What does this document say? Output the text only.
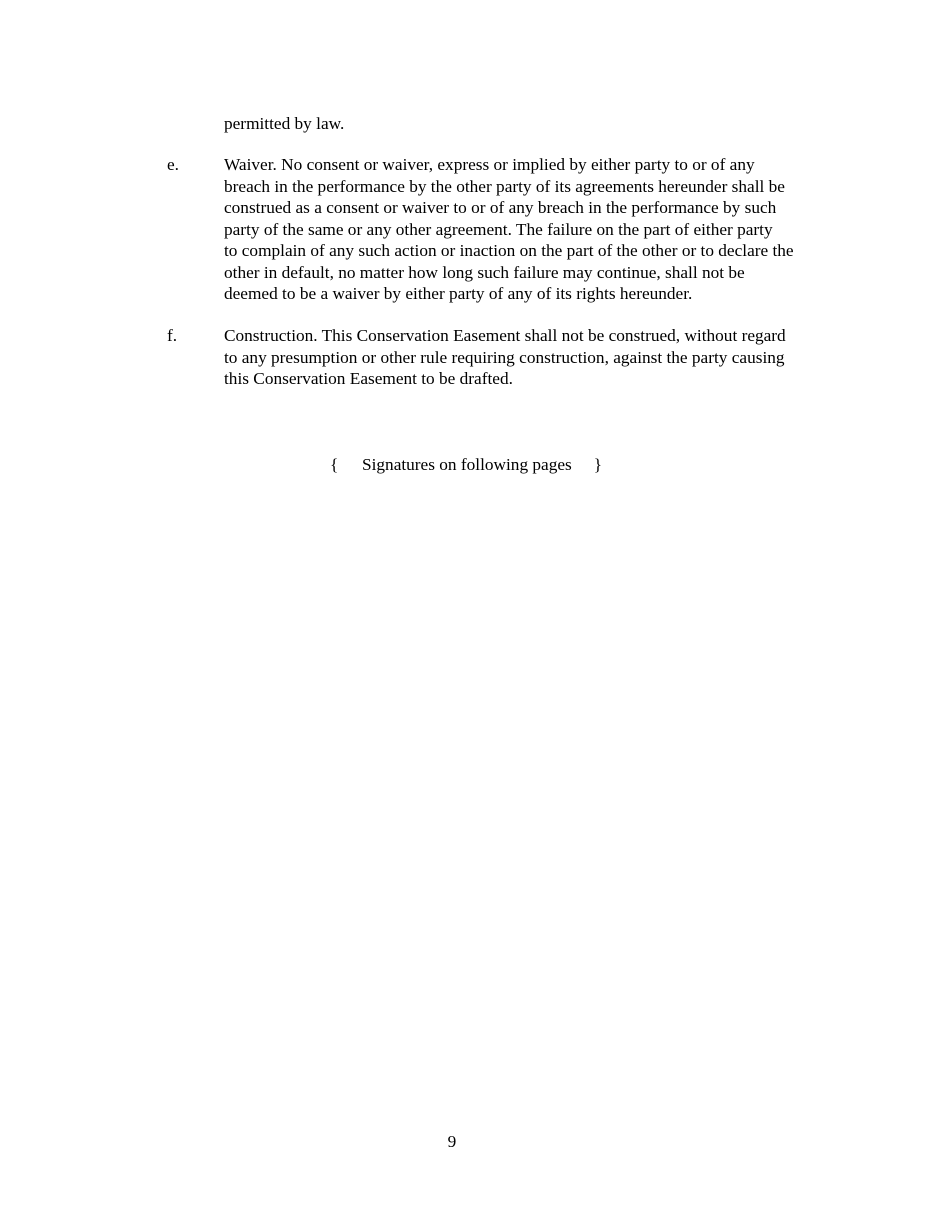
permitted by law.
e.	Waiver. No consent or waiver, express or implied by either party to or of any
breach in the performance by the other party of its agreements hereunder shall be
construed as a consent or waiver to or of any breach in the performance by such
party of the same or any other agreement. The failure on the part of either party
to complain of any such action or inaction on the part of the other or to declare the
other in default, no matter how long such failure may continue, shall not be
deemed to be a waiver by either party of any of its rights hereunder.
f.	Construction. This Conservation Easement shall not be construed, without regard
to any presumption or other rule requiring construction, against the party causing
this Conservation Easement to be drafted.
{ Signatures on following pages }
9
